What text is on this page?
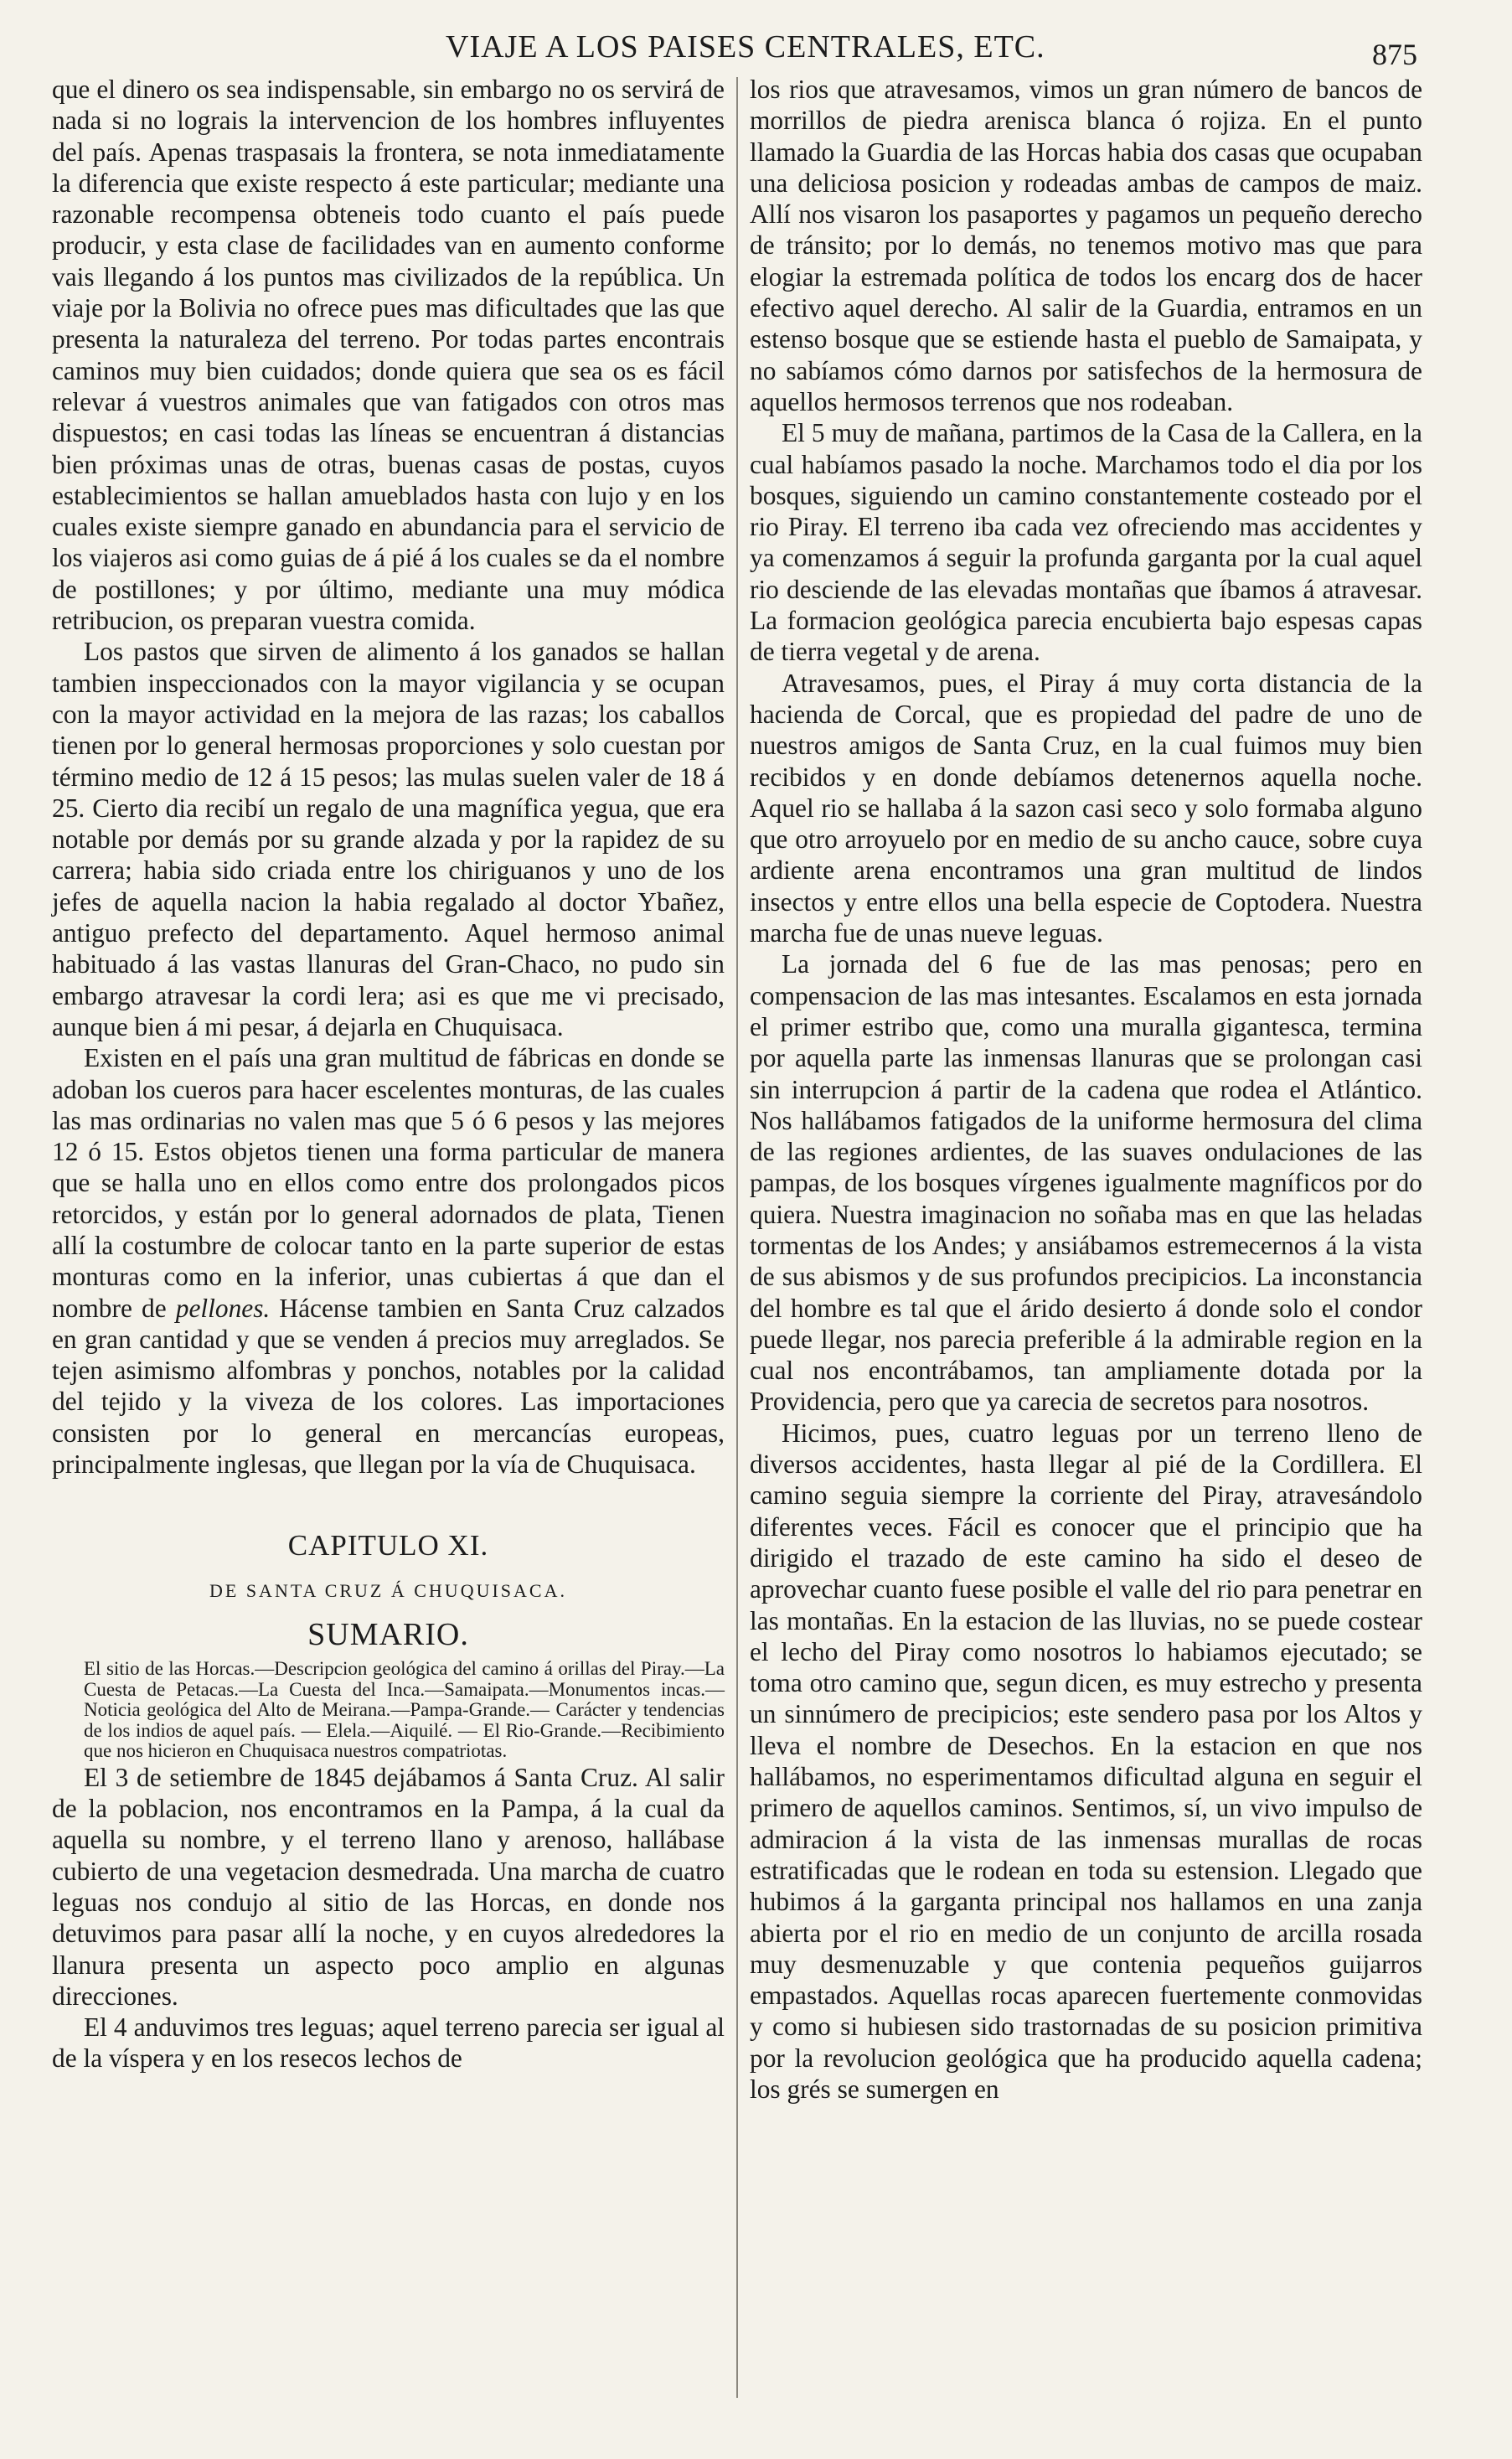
VIAJE A LOS PAISES CENTRALES, ETC.	875

que el dinero os sea indispensable, sin embargo no os servirá de nada si no lograis la intervencion de los hombres influyentes del país. Apenas traspasais la frontera, se nota inmediatamente la diferencia que existe respecto á este particular; mediante una razonable recompensa obteneis todo cuanto el país puede producir, y esta clase de facilidades van en aumento conforme vais llegando á los puntos mas civilizados de la república. Un viaje por la Bolivia no ofrece pues mas dificultades que las que presenta la naturaleza del terreno. Por todas partes encontrais caminos muy bien cuidados; donde quiera que sea os es fácil relevar á vuestros animales que van fatigados con otros mas dispuestos; en casi todas las líneas se encuentran á distancias bien próximas unas de otras, buenas casas de postas, cuyos establecimientos se hallan amueblados hasta con lujo y en los cuales existe siempre ganado en abundancia para el servicio de los viajeros asi como guias de á pié á los cuales se da el nombre de postillones; y por último, mediante una muy módica retribucion, os preparan vuestra comida.

Los pastos que sirven de alimento á los ganados se hallan tambien inspeccionados con la mayor vigilancia y se ocupan con la mayor actividad en la mejora de las razas; los caballos tienen por lo general hermosas proporciones y solo cuestan por término medio de 12 á 15 pesos; las mulas suelen valer de 18 á 25. Cierto dia recibí un regalo de una magnífica yegua, que era notable por demás por su grande alzada y por la rapidez de su carrera; habia sido criada entre los chiriguanos y uno de los jefes de aquella nacion la habia regalado al doctor Ybañez, antiguo prefecto del departamento. Aquel hermoso animal habituado á las vastas llanuras del Gran-Chaco, no pudo sin embargo atravesar la cordi lera; asi es que me vi precisado, aunque bien á mi pesar, á dejarla en Chuquisaca.

Existen en el país una gran multitud de fábricas en donde se adoban los cueros para hacer escelentes monturas, de las cuales las mas ordinarias no valen mas que 5 ó 6 pesos y las mejores 12 ó 15. Estos objetos tienen una forma particular de manera que se halla uno en ellos como entre dos prolongados picos retorcidos, y están por lo general adornados de plata, Tienen allí la costumbre de colocar tanto en la parte superior de estas monturas como en la inferior, unas cubiertas á que dan el nombre de pellones. Hácense tambien en Santa Cruz calzados en gran cantidad y que se venden á precios muy arreglados. Se tejen asimismo alfombras y ponchos, notables por la calidad del tejido y la viveza de los colores. Las importaciones consisten por lo general en mercancías europeas, principalmente inglesas, que llegan por la vía de Chuquisaca.

CAPITULO XI.
DE SANTA CRUZ Á CHUQUISACA.
SUMARIO.

El sitio de las Horcas.—Descripcion geológica del camino á orillas del Piray.—La Cuesta de Petacas.—La Cuesta del Inca.—Samaipata.—Monumentos incas.—Noticia geológica del Alto de Meirana.—Pampa-Grande.— Carácter y tendencias de los indios de aquel país. — Elela.—Aiquilé. — El Rio-Grande.—Recibimiento que nos hicieron en Chuquisaca nuestros compatriotas.

El 3 de setiembre de 1845 dejábamos á Santa Cruz. Al salir de la poblacion, nos encontramos en la Pampa, á la cual da aquella su nombre, y el terreno llano y arenoso, hallábase cubierto de una vegetacion desmedrada. Una marcha de cuatro leguas nos condujo al sitio de las Horcas, en donde nos detuvimos para pasar allí la noche, y en cuyos alrededores la llanura presenta un aspecto poco amplio en algunas direcciones.

El 4 anduvimos tres leguas; aquel terreno parecia ser igual al de la víspera y en los resecos lechos de

los rios que atravesamos, vimos un gran número de bancos de morrillos de piedra arenisca blanca ó rojiza. En el punto llamado la Guardia de las Horcas habia dos casas que ocupaban una deliciosa posicion y rodeadas ambas de campos de maiz. Allí nos visaron los pasaportes y pagamos un pequeño derecho de tránsito; por lo demás, no tenemos motivo mas que para elogiar la estremada política de todos los encarg dos de hacer efectivo aquel derecho. Al salir de la Guardia, entramos en un estenso bosque que se estiende hasta el pueblo de Samaipata, y no sabíamos cómo darnos por satisfechos de la hermosura de aquellos hermosos terrenos que nos rodeaban.

El 5 muy de mañana, partimos de la Casa de la Callera, en la cual habíamos pasado la noche. Marchamos todo el dia por los bosques, siguiendo un camino constantemente costeado por el rio Piray. El terreno iba cada vez ofreciendo mas accidentes y ya comenzamos á seguir la profunda garganta por la cual aquel rio desciende de las elevadas montañas que íbamos á atravesar. La formacion geológica parecia encubierta bajo espesas capas de tierra vegetal y de arena.

Atravesamos, pues, el Piray á muy corta distancia de la hacienda de Corcal, que es propiedad del padre de uno de nuestros amigos de Santa Cruz, en la cual fuimos muy bien recibidos y en donde debíamos detenernos aquella noche. Aquel rio se hallaba á la sazon casi seco y solo formaba alguno que otro arroyuelo por en medio de su ancho cauce, sobre cuya ardiente arena encontramos una gran multitud de lindos insectos y entre ellos una bella especie de Coptodera. Nuestra marcha fue de unas nueve leguas.

La jornada del 6 fue de las mas penosas; pero en compensacion de las mas intesantes. Escalamos en esta jornada el primer estribo que, como una muralla gigantesca, termina por aquella parte las inmensas llanuras que se prolongan casi sin interrupcion á partir de la cadena que rodea el Atlántico. Nos hallábamos fatigados de la uniforme hermosura del clima de las regiones ardientes, de las suaves ondulaciones de las pampas, de los bosques vírgenes igualmente magníficos por do quiera. Nuestra imaginacion no soñaba mas en que las heladas tormentas de los Andes; y ansiábamos estremecernos á la vista de sus abismos y de sus profundos precipicios. La inconstancia del hombre es tal que el árido desierto á donde solo el condor puede llegar, nos parecia preferible á la admirable region en la cual nos encontrábamos, tan ampliamente dotada por la Providencia, pero que ya carecia de secretos para nosotros.

Hicimos, pues, cuatro leguas por un terreno lleno de diversos accidentes, hasta llegar al pié de la Cordillera. El camino seguia siempre la corriente del Piray, atravesándolo diferentes veces. Fácil es conocer que el principio que ha dirigido el trazado de este camino ha sido el deseo de aprovechar cuanto fuese posible el valle del rio para penetrar en las montañas. En la estacion de las lluvias, no se puede costear el lecho del Piray como nosotros lo habiamos ejecutado; se toma otro camino que, segun dicen, es muy estrecho y presenta un sinnúmero de precipicios; este sendero pasa por los Altos y lleva el nombre de Desechos. En la estacion en que nos hallábamos, no esperimentamos dificultad alguna en seguir el primero de aquellos caminos. Sentimos, sí, un vivo impulso de admiracion á la vista de las inmensas murallas de rocas estratificadas que le rodean en toda su estension. Llegado que hubimos á la garganta principal nos hallamos en una zanja abierta por el rio en medio de un conjunto de arcilla rosada muy desmenuzable y que contenia pequeños guijarros empastados. Aquellas rocas aparecen fuertemente conmovidas y como si hubiesen sido trastornadas de su posicion primitiva por la revolucion geológica que ha producido aquella cadena; los grés se sumergen en
